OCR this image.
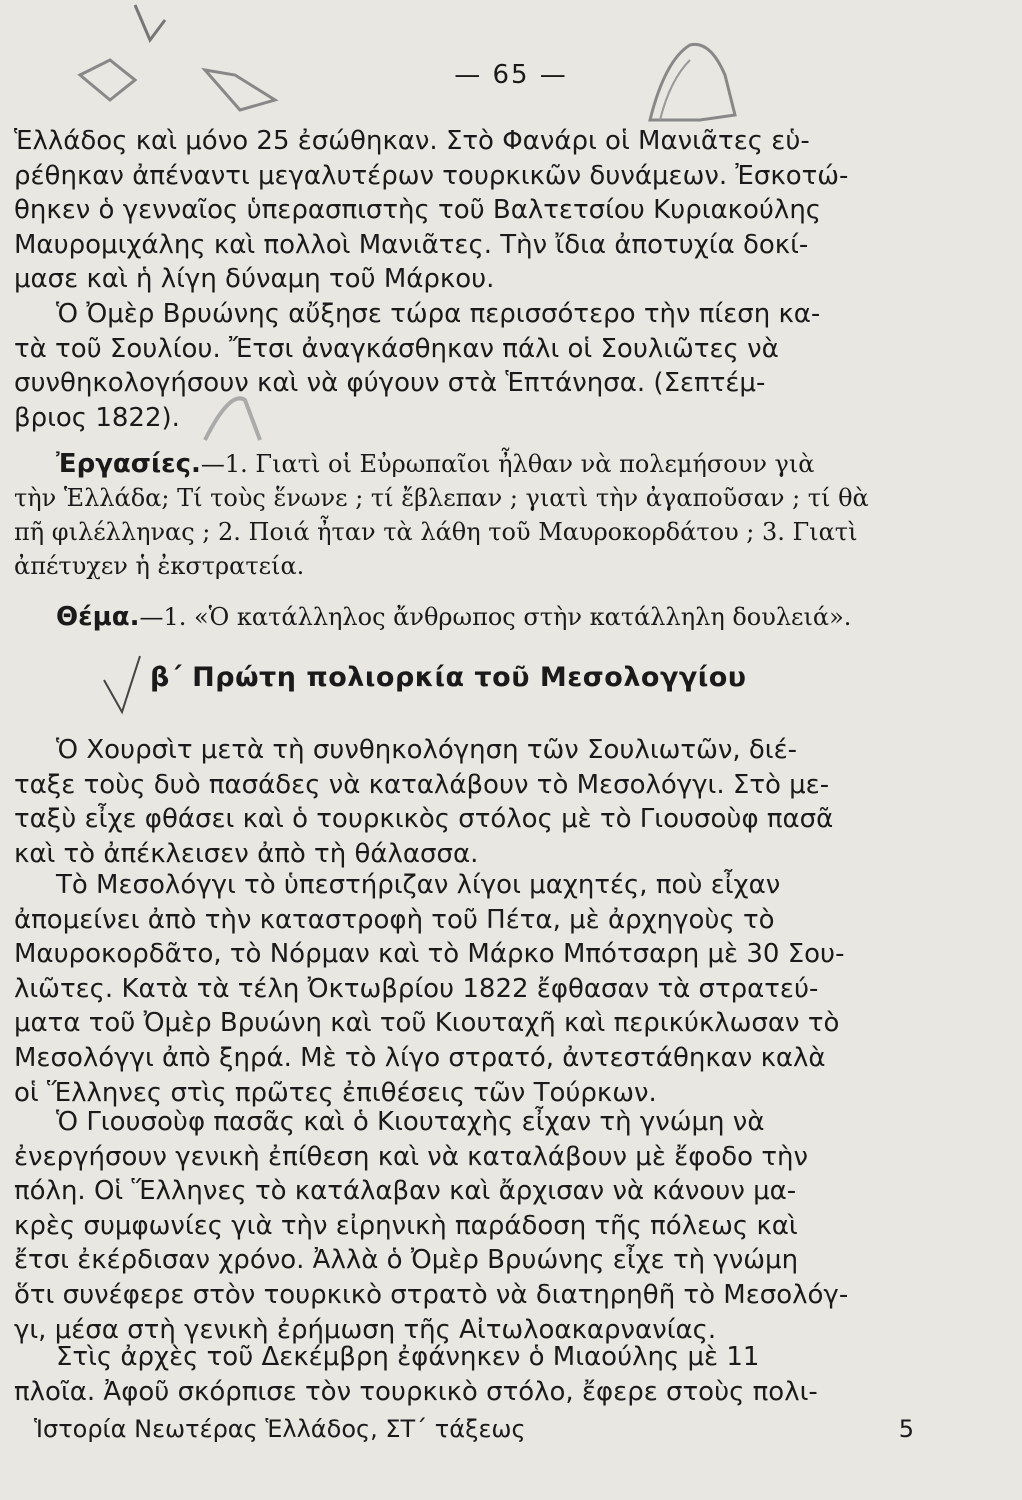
— 65 —

Ἑλλάδος καὶ μόνο 25 ἐσώθηκαν. Στὸ Φανάρι οἱ Μανιᾶτες εὑ-
ρέθηκαν ἀπέναντι μεγαλυτέρων τουρκικῶν δυνάμεων. Ἐσκοτώ-
θηκεν ὁ γενναῖος ὑπερασπιστὴς τοῦ Βαλτετσίου Κυριακούλης
Μαυρομιχάλης καὶ πολλοὶ Μανιᾶτες. Τὴν ἴδια ἀποτυχία δοκί-
μασε καὶ ἡ λίγη δύναμη τοῦ Μάρκου.

Ὁ Ὀμὲρ Βρυώνης αὔξησε τώρα περισσότερο τὴν πίεση κα-
τὰ τοῦ Σουλίου. Ἔτσι ἀναγκάσθηκαν πάλι οἱ Σουλιῶτες νὰ
συνθηκολογήσουν καὶ νὰ φύγουν στὰ Ἑπτάνησα. (Σεπτέμ-
βριος 1822).

Ἐργασίες.—1. Γιατὶ οἱ Εὐρωπαῖοι ἦλθαν νὰ πολεμήσουν γιὰ
τὴν Ἑλλάδα; Τί τοὺς ἕνωνε ; τί ἔβλεπαν ; γιατὶ τὴν ἀγαποῦσαν ; τί θὰ
πῆ φιλέλληνας ; 2. Ποιά ἦταν τὰ λάθη τοῦ Μαυροκορδάτου ; 3. Γιατὶ
ἀπέτυχεν ἡ ἐκστρατεία.

Θέμα.—1. «Ὁ κατάλληλος ἄνθρωπος στὴν κατάλληλη δουλειά».

β΄ Πρώτη πολιορκία τοῦ Μεσολογγίου

Ὁ Χουρσὶτ μετὰ τὴ συνθηκολόγηση τῶν Σουλιωτῶν, διέ-
ταξε τοὺς δυὸ πασάδες νὰ καταλάβουν τὸ Μεσολόγγι. Στὸ με-
ταξὺ εἶχε φθάσει καὶ ὁ τουρκικὸς στόλος μὲ τὸ Γιουσοὺφ πασᾶ
καὶ τὸ ἀπέκλεισεν ἀπὸ τὴ θάλασσα.

Τὸ Μεσολόγγι τὸ ὑπεστήριζαν λίγοι μαχητές, ποὺ εἶχαν
ἀπομείνει ἀπὸ τὴν καταστροφὴ τοῦ Πέτα, μὲ ἀρχηγοὺς τὸ
Μαυροκορδᾶτο, τὸ Νόρμαν καὶ τὸ Μάρκο Μπότσαρη μὲ 30 Σου-
λιῶτες. Κατὰ τὰ τέλη Ὀκτωβρίου 1822 ἔφθασαν τὰ στρατεύ-
ματα τοῦ Ὀμὲρ Βρυώνη καὶ τοῦ Κιουταχῆ καὶ περικύκλωσαν τὸ
Μεσολόγγι ἀπὸ ξηρά. Μὲ τὸ λίγο στρατό, ἀντεστάθηκαν καλὰ
οἱ Ἕλληνες στὶς πρῶτες ἐπιθέσεις τῶν Τούρκων.

Ὁ Γιουσοὺφ πασᾶς καὶ ὁ Κιουταχὴς εἶχαν τὴ γνώμη νὰ
ἐνεργήσουν γενικὴ ἐπίθεση καὶ νὰ καταλάβουν μὲ ἔφοδο τὴν
πόλη. Οἱ Ἕλληνες τὸ κατάλαβαν καὶ ἄρχισαν νὰ κάνουν μα-
κρὲς συμφωνίες γιὰ τὴν εἰρηνικὴ παράδοση τῆς πόλεως καὶ
ἔτσι ἐκέρδισαν χρόνο. Ἀλλὰ ὁ Ὀμὲρ Βρυώνης εἶχε τὴ γνώμη
ὅτι συνέφερε στὸν τουρκικὸ στρατὸ νὰ διατηρηθῆ τὸ Μεσολόγ-
γι, μέσα στὴ γενικὴ ἐρήμωση τῆς Αἰτωλοακαρνανίας.

Στὶς ἀρχὲς τοῦ Δεκέμβρη ἐφάνηκεν ὁ Μιαούλης μὲ 11
πλοῖα. Ἀφοῦ σκόρπισε τὸν τουρκικὸ στόλο, ἔφερε στοὺς πολι-

Ἱστορία Νεωτέρας Ἑλλάδος, ΣΤ΄ τάξεως	5
